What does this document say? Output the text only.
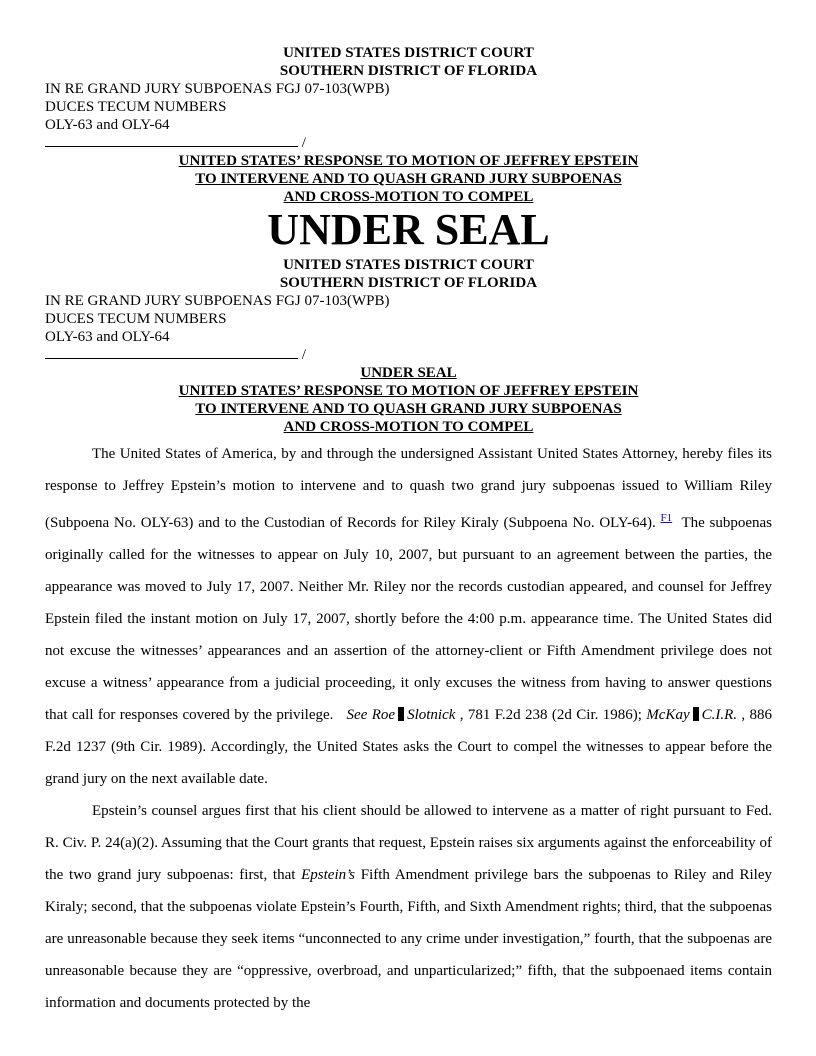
UNITED STATES DISTRICT COURT
SOUTHERN DISTRICT OF FLORIDA
IN RE GRAND JURY SUBPOENAS FGJ 07-103(WPB)
DUCES TECUM NUMBERS
OLY-63 and OLY-64
/
UNITED STATES’ RESPONSE TO MOTION OF JEFFREY EPSTEIN
TO INTERVENE AND TO QUASH GRAND JURY SUBPOENAS
AND CROSS-MOTION TO COMPEL
UNDER SEAL
UNITED STATES DISTRICT COURT
SOUTHERN DISTRICT OF FLORIDA
IN RE GRAND JURY SUBPOENAS FGJ 07-103(WPB)
DUCES TECUM NUMBERS
OLY-63 and OLY-64
/
UNDER SEAL
UNITED STATES’ RESPONSE TO MOTION OF JEFFREY EPSTEIN
TO INTERVENE AND TO QUASH GRAND JURY SUBPOENAS
AND CROSS-MOTION TO COMPEL

The United States of America, by and through the undersigned Assistant United States Attorney, hereby files its response to Jeffrey Epstein’s motion to intervene and to quash two grand jury subpoenas issued to William Riley (Subpoena No. OLY-63) and to the Custodian of Records for Riley Kiraly (Subpoena No. OLY-64). $^{F1}$ The subpoenas originally called for the witnesses to appear on July 10, 2007, but pursuant to an agreement between the parties, the appearance was moved to July 17, 2007. Neither Mr. Riley nor the records custodian appeared, and counsel for Jeffrey Epstein filed the instant motion on July 17, 2007, shortly before the 4:00 p.m. appearance time. The United States did not excuse the witnesses’ appearances and an assertion of the attorney-client or Fifth Amendment privilege does not excuse a witness’ appearance from a judicial proceeding, it only excuses the witness from having to answer questions that call for responses covered by the privilege. See Roe Slotnick , 781 F.2d 238 (2d Cir. 1986); McKay C.I.R. , 886 F.2d 1237 (9th Cir. 1989). Accordingly, the United States asks the Court to compel the witnesses to appear before the grand jury on the next available date.

Epstein’s counsel argues first that his client should be allowed to intervene as a matter of right pursuant to Fed. R. Civ. P. 24(a)(2). Assuming that the Court grants that request, Epstein raises six arguments against the enforceability of the two grand jury subpoenas: first, that Epstein’s Fifth Amendment privilege bars the subpoenas to Riley and Riley Kiraly; second, that the subpoenas violate Epstein’s Fourth, Fifth, and Sixth Amendment rights; third, that the subpoenas are unreasonable because they seek items “unconnected to any crime under investigation,” fourth, that the subpoenas are unreasonable because they are “oppressive, overbroad, and unparticularized;” fifth, that the subpoenaed items contain information and documents protected by the
